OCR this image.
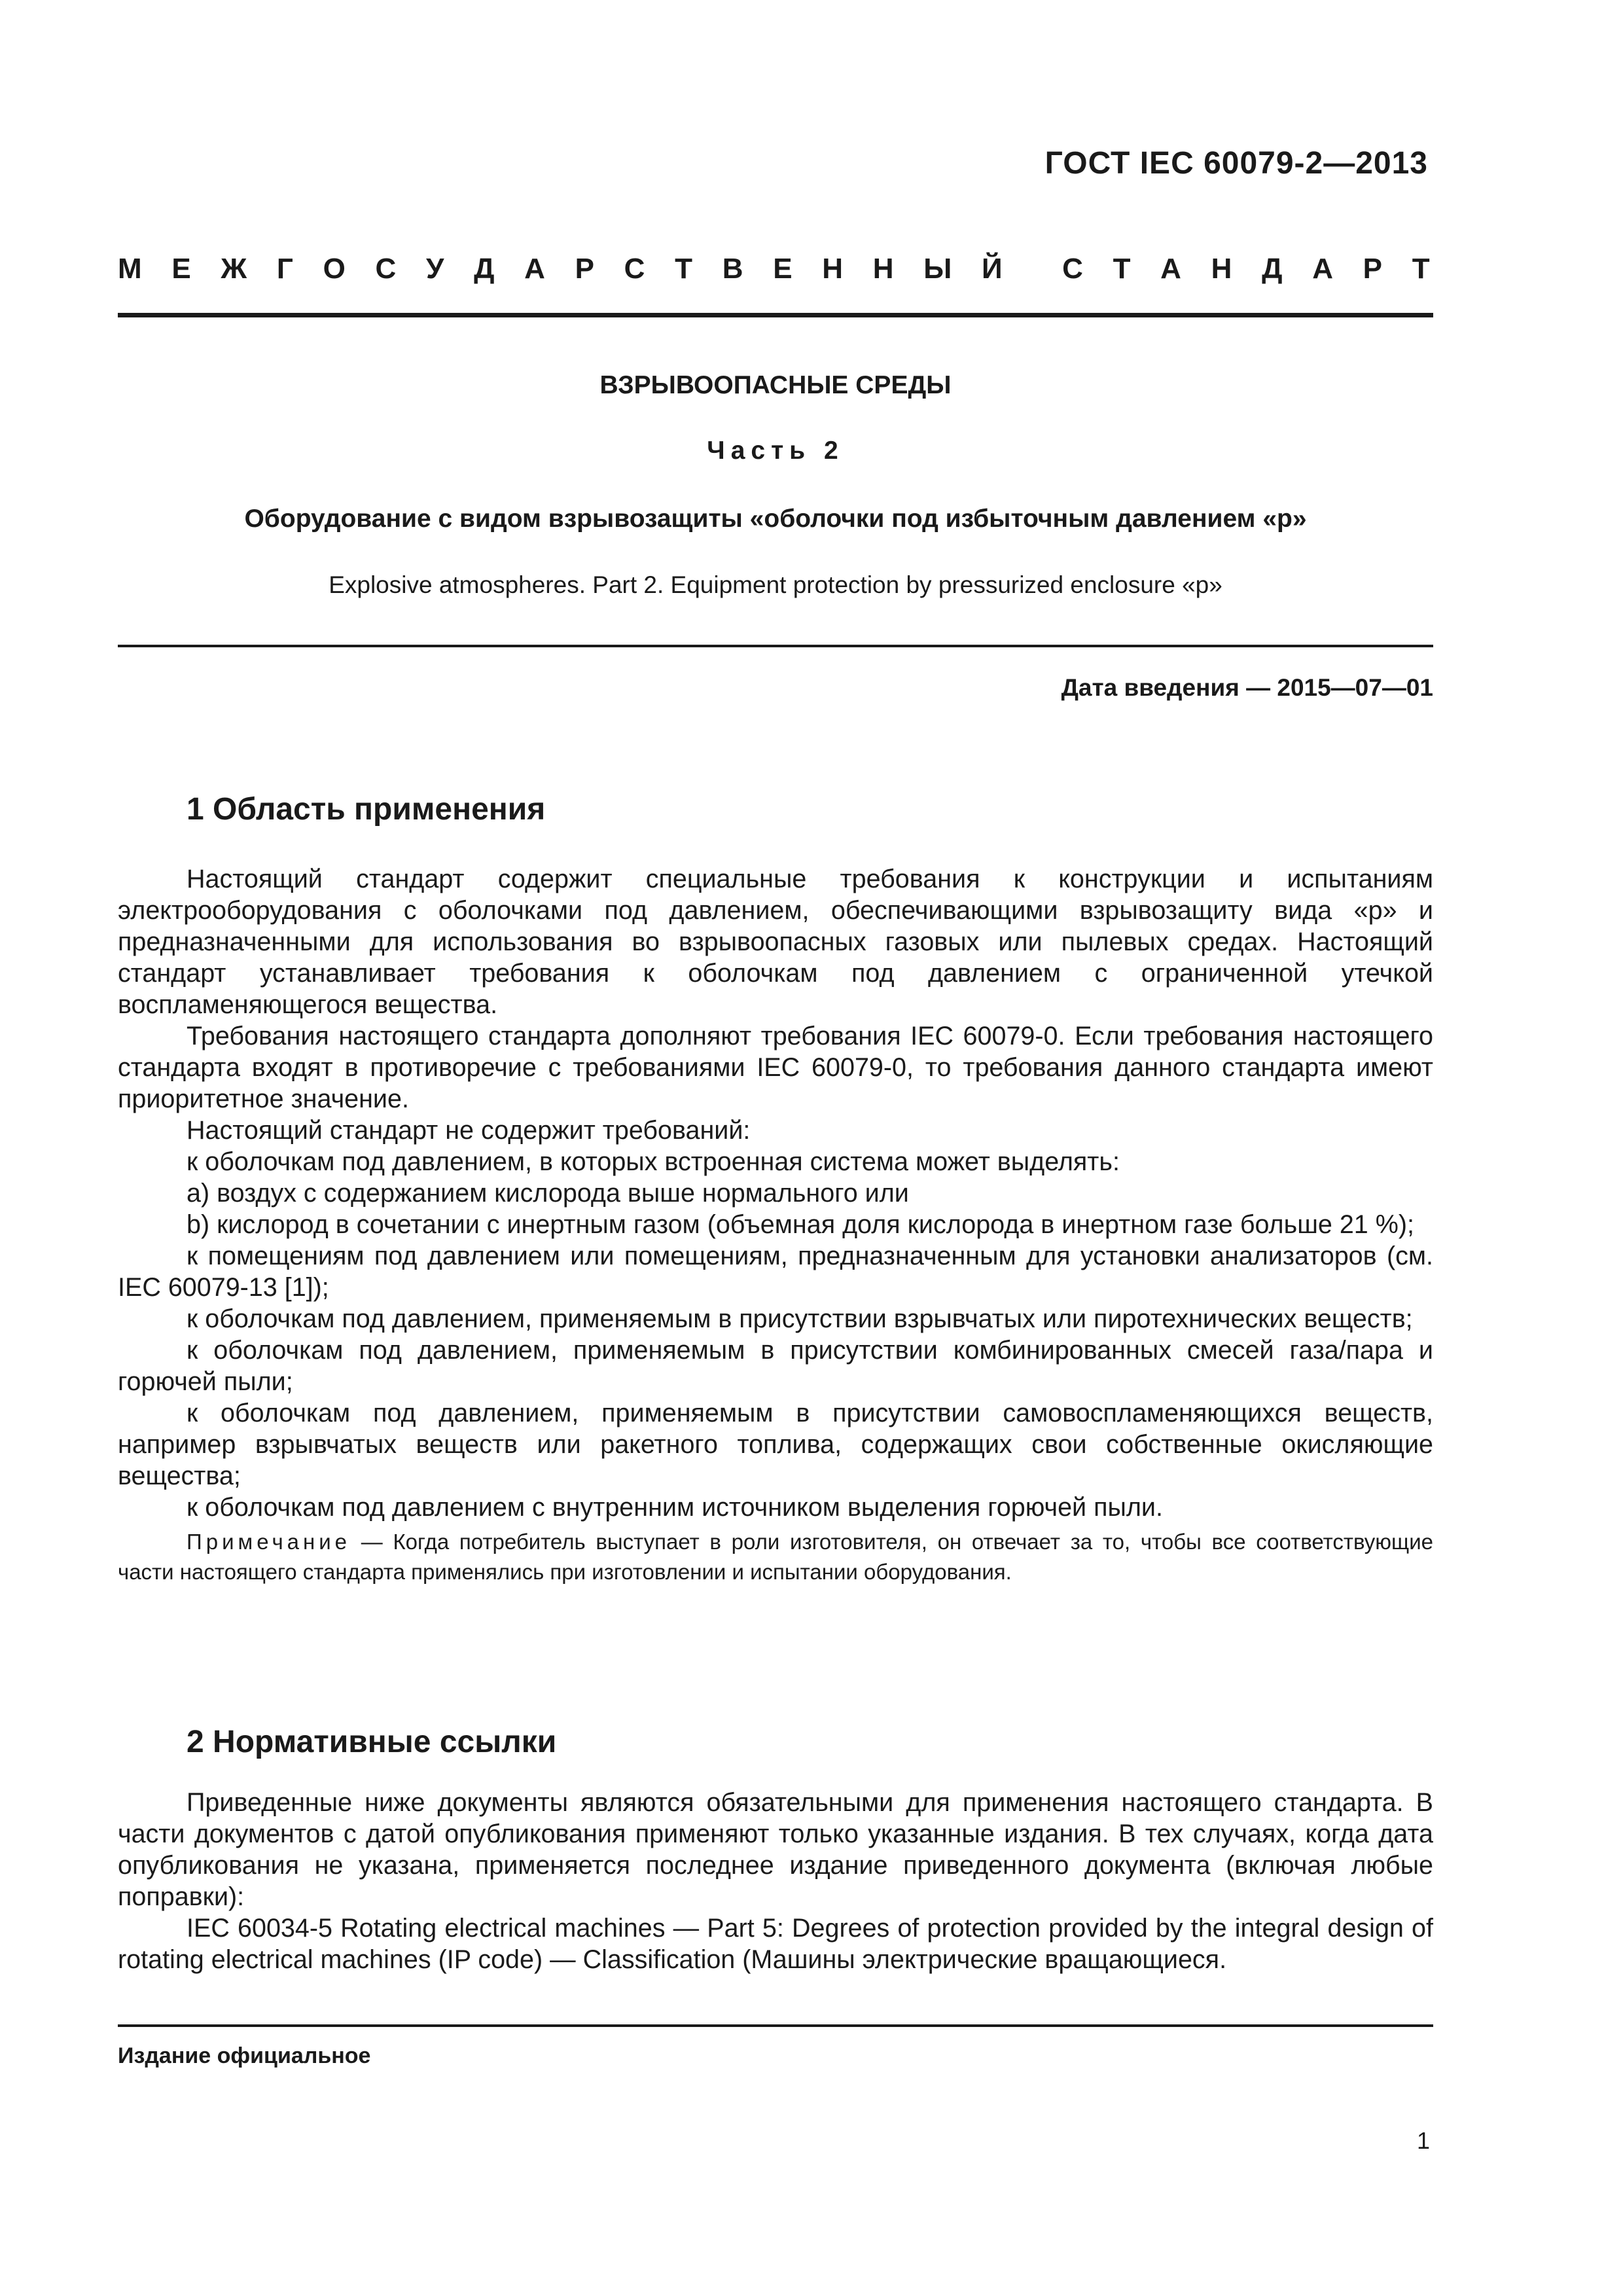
ГОСТ IEC 60079-2—2013
М Е Ж Г О С У Д А Р С Т В Е Н Н Ы Й С Т А Н Д А Р Т
ВЗРЫВООПАСНЫЕ СРЕДЫ
Часть 2
Оборудование с видом взрывозащиты «оболочки под избыточным давлением «p»
Explosive atmospheres. Part 2. Equipment protection by pressurized enclosure «p»
Дата введения — 2015—07—01
1 Область применения

Настоящий стандарт содержит специальные требования к конструкции и испытаниям электрооборудования с оболочками под давлением, обеспечивающими взрывозащиту вида «p» и предназначенными для использования во взрывоопасных газовых или пылевых средах. Настоящий стандарт устанавливает требования к оболочкам под давлением с ограниченной утечкой воспламеняющегося вещества.

Требования настоящего стандарта дополняют требования IEC 60079-0. Если требования настоящего стандарта входят в противоречие с требованиями IEC 60079-0, то требования данного стандарта имеют приоритетное значение.

Настоящий стандарт не содержит требований:

к оболочкам под давлением, в которых встроенная система может выделять:

a) воздух с содержанием кислорода выше нормального или

b) кислород в сочетании с инертным газом (объемная доля кислорода в инертном газе больше 21 %);

к помещениям под давлением или помещениям, предназначенным для установки анализаторов (см. IEC 60079-13 [1]);

к оболочкам под давлением, применяемым в присутствии взрывчатых или пиротехнических веществ;

к оболочкам под давлением, применяемым в присутствии комбинированных смесей газа/пара и горючей пыли;

к оболочкам под давлением, применяемым в присутствии самовоспламеняющихся веществ, например взрывчатых веществ или ракетного топлива, содержащих свои собственные окисляющие вещества;

к оболочкам под давлением с внутренним источником выделения горючей пыли.

Примечание — Когда потребитель выступает в роли изготовителя, он отвечает за то, чтобы все соответствующие части настоящего стандарта применялись при изготовлении и испытании оборудования.

2 Нормативные ссылки

Приведенные ниже документы являются обязательными для применения настоящего стандарта. В части документов с датой опубликования применяют только указанные издания. В тех случаях, когда дата опубликования не указана, применяется последнее издание приведенного документа (включая любые поправки):

IEC 60034-5 Rotating electrical machines — Part 5: Degrees of protection provided by the integral design of rotating electrical machines (IP code) — Classification (Машины электрические вращающиеся.

Издание официальное
1
